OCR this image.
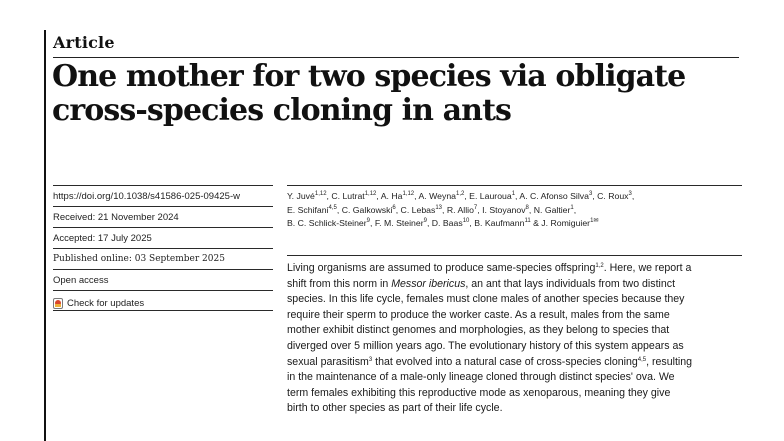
Article
One mother for two species via obligate
cross-species cloning in ants
https://doi.org/10.1038/s41586-025-09425-w
Received: 21 November 2024
Accepted: 17 July 2025
Published online: 03 September 2025
Open access
Check for updates
Y. Juvé$^{1,12}$, C. Lutrat$^{1,12}$, A. Ha$^{1,12}$, A. Weyna$^{1,2}$, E. Lauroua$^1$, A. C. Afonso Silva$^3$, C. Roux$^3$,
E. Schifani$^{4,5}$, C. Galkowski$^6$, C. Lebas$^{13}$, R. Allio$^7$, I. Stoyanov$^8$, N. Galtier$^1$,
B. C. Schlick-Steiner$^9$, F. M. Steiner$^9$, D. Baas$^{10}$, B. Kaufmann$^{11}$ & J. Romiguier$^{1✉}$
Living organisms are assumed to produce same-species offspring$^{1,2}$. Here, we report a
shift from this norm in Messor ibericus, an ant that lays individuals from two distinct
species. In this life cycle, females must clone males of another species because they
require their sperm to produce the worker caste. As a result, males from the same
mother exhibit distinct genomes and morphologies, as they belong to species that
diverged over 5 million years ago. The evolutionary history of this system appears as
sexual parasitism$^3$ that evolved into a natural case of cross-species cloning$^{4,5}$, resulting
in the maintenance of a male-only lineage cloned through distinct species' ova. We
term females exhibiting this reproductive mode as xenoparous, meaning they give
birth to other species as part of their life cycle.
